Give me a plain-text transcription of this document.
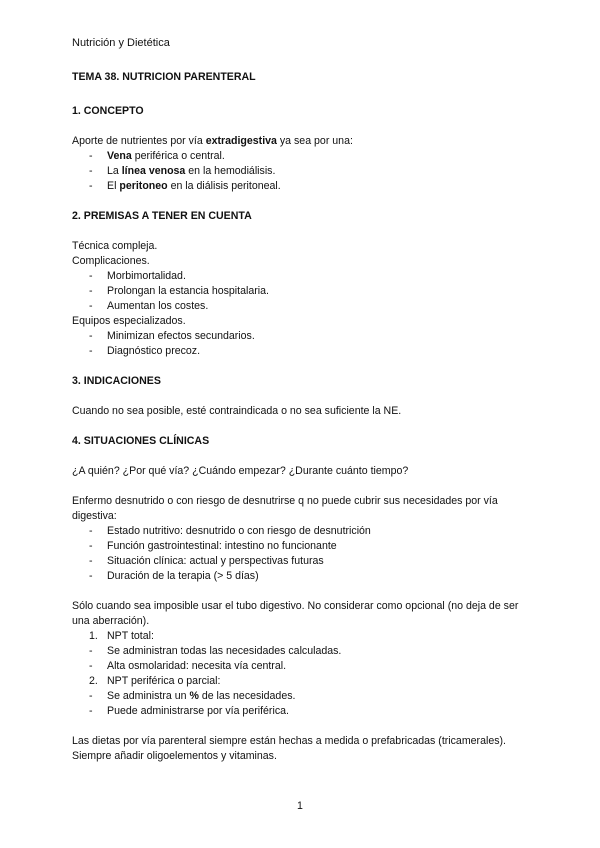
Nutrición y Dietética
TEMA 38. NUTRICION PARENTERAL
1. CONCEPTO

Aporte de nutrientes por vía extradigestiva ya sea por una:

- Vena periférica o central.
- La línea venosa en la hemodiálisis.
- El peritoneo en la diálisis peritoneal.
2. PREMISAS A TENER EN CUENTA

Técnica compleja.

Complicaciones.

- Morbimortalidad.
- Prolongan la estancia hospitalaria.
- Aumentan los costes.

Equipos especializados.

- Minimizan efectos secundarios.
- Diagnóstico precoz.
3. INDICACIONES

Cuando no sea posible, esté contraindicada o no sea suficiente la NE.

4. SITUACIONES CLÍNICAS

¿A quién? ¿Por qué vía? ¿Cuándo empezar? ¿Durante cuánto tiempo?

Enfermo desnutrido o con riesgo de desnutrirse q no puede cubrir sus necesidades por vía digestiva:

- Estado nutritivo: desnutrido o con riesgo de desnutrición
- Función gastrointestinal: intestino no funcionante
- Situación clínica: actual y perspectivas futuras
- Duración de la terapia (> 5 días)

Sólo cuando sea imposible usar el tubo digestivo. No considerar como opcional (no deja de ser una aberración).

1. NPT total:
- Se administran todas las necesidades calculadas.
- Alta osmolaridad: necesita vía central.
2. NPT periférica o parcial:
- Se administra un % de las necesidades.
- Puede administrarse por vía periférica.

Las dietas por vía parenteral siempre están hechas a medida o prefabricadas (tricamerales).

Siempre añadir oligoelementos y vitaminas.

1
